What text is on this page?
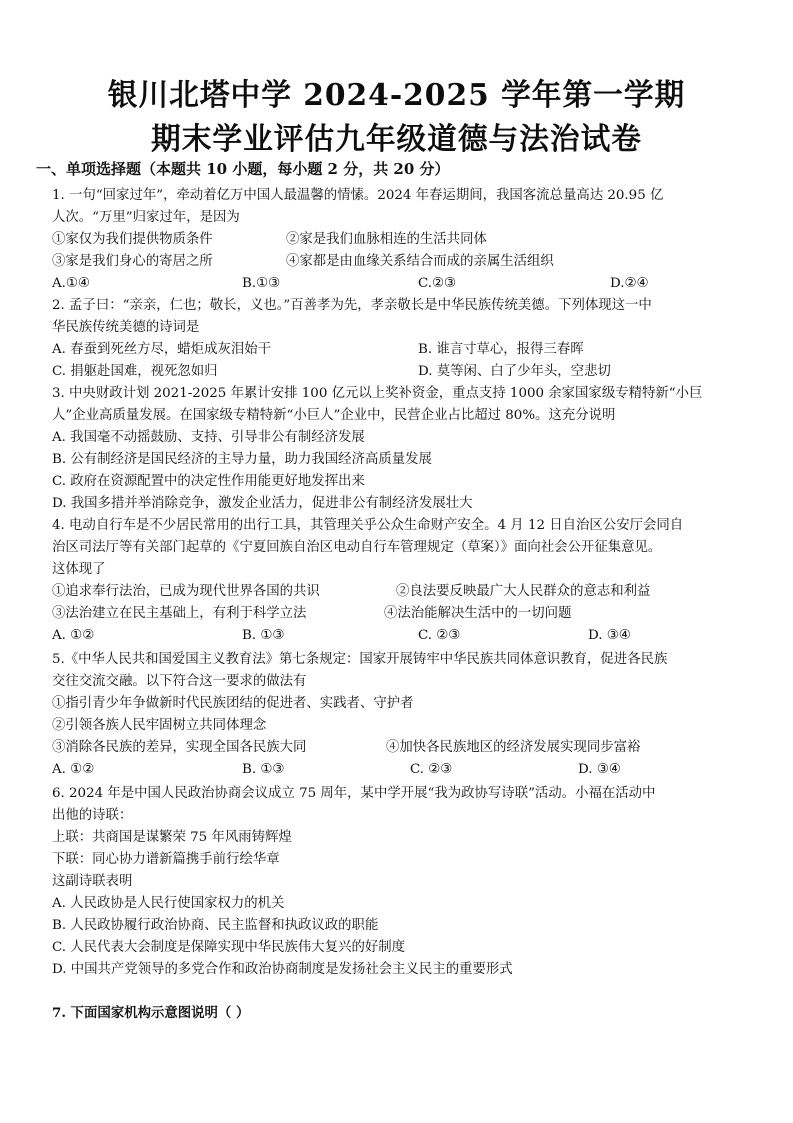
银川北塔中学 2024-2025 学年第一学期
期末学业评估九年级道德与法治试卷
一、单项选择题（本题共 10 小题，每小题 2 分，共 20 分）
1. 一句“回家过年”，牵动着亿万中国人最温馨的情愫。2024 年春运期间，我国客流总量高达 20.95 亿
人次。“万里”归家过年，是因为
①家仅为我们提供物质条件	②家是我们血脉相连的生活共同体
③家是我们身心的寄居之所	④家都是由血缘关系结合而成的亲属生活组织
A.①④	B.①③	C.②③	D.②④
2. 孟子曰：“亲亲，仁也；敬长，义也。”百善孝为先，孝亲敬长是中华民族传统美德。下列体现这一中
华民族传统美德的诗词是
A. 春蚕到死丝方尽，蜡炬成灰泪始干	B. 谁言寸草心，报得三春晖
C. 捐躯赴国难，视死忽如归	D. 莫等闲、白了少年头，空悲切
3. 中央财政计划 2021-2025 年累计安排 100 亿元以上奖补资金，重点支持 1000 余家国家级专精特新“小巨
人”企业高质量发展。在国家级专精特新“小巨人”企业中，民营企业占比超过 80%。这充分说明
A. 我国毫不动摇鼓励、支持、引导非公有制经济发展
B. 公有制经济是国民经济的主导力量，助力我国经济高质量发展
C. 政府在资源配置中的决定性作用能更好地发挥出来
D. 我国多措并举消除竞争，激发企业活力，促进非公有制经济发展壮大
4. 电动自行车是不少居民常用的出行工具，其管理关乎公众生命财产安全。4 月 12 日自治区公安厅会同自
治区司法厅等有关部门起草的《宁夏回族自治区电动自行车管理规定（草案）》面向社会公开征集意见。
这体现了
①追求奉行法治，已成为现代世界各国的共识	②良法要反映最广大人民群众的意志和利益
③法治建立在民主基础上，有利于科学立法	④法治能解决生活中的一切问题
A. ①②	B. ①③	C. ②③	D. ③④
5.《中华人民共和国爱国主义教育法》第七条规定：国家开展铸牢中华民族共同体意识教育，促进各民族
交往交流交融。以下符合这一要求的做法有
①指引青少年争做新时代民族团结的促进者、实践者、守护者
②引领各族人民牢固树立共同体理念
③消除各民族的差异，实现全国各民族大同	④加快各民族地区的经济发展实现同步富裕
A. ①②	B. ①③	C. ②③	D. ③④
6. 2024 年是中国人民政治协商会议成立 75 周年，某中学开展“我为政协写诗联”活动。小福在活动中
出他的诗联：
上联：共商国是谋繁荣 75 年风雨铸辉煌
下联：同心协力谱新篇携手前行绘华章
这副诗联表明
A. 人民政协是人民行使国家权力的机关
B. 人民政协履行政治协商、民主监督和执政议政的职能
C. 人民代表大会制度是保障实现中华民族伟大复兴的好制度
D. 中国共产党领导的多党合作和政治协商制度是发扬社会主义民主的重要形式
7. 下面国家机构示意图说明（ ）
